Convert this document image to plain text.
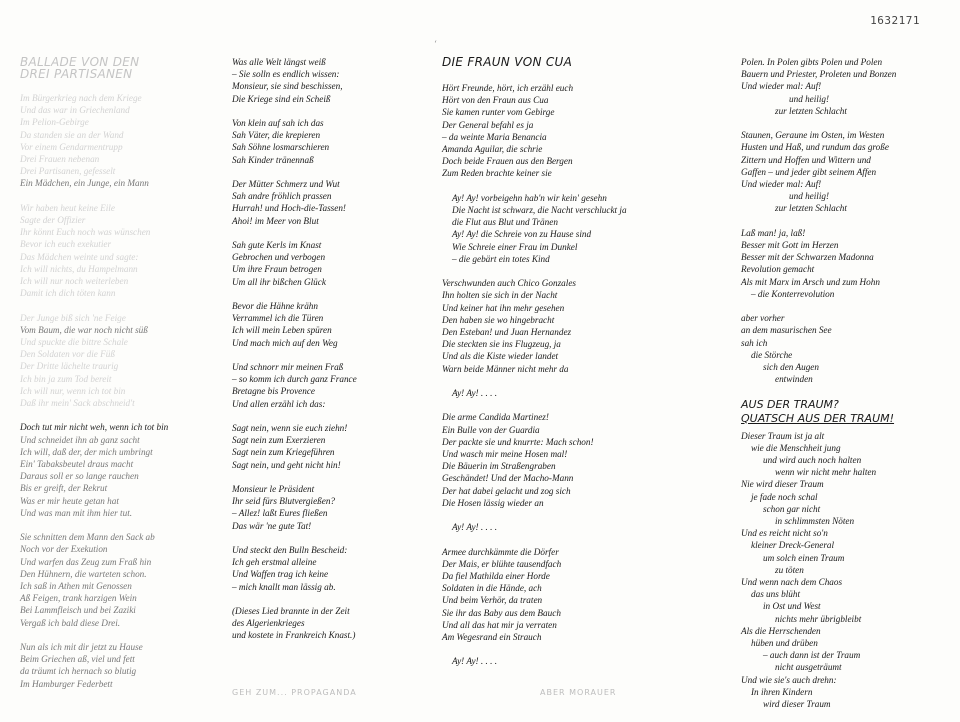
1632171
‘
BALLADE VON DEN
DREI PARTISANEN
Im Bürgerkrieg nach dem Kriege
Und das war in Griechenland
Im Pelion-Gebirge
Da standen sie an der Wand
Vor einem Gendarmentrupp
Drei Frauen nebenan
Drei Partisanen, gefesselt
Ein Mädchen, ein Junge, ein Mann
Wir haben heut keine Eile
Sagte der Offizier
Ihr könnt Euch noch was wünschen
Bevor ich euch exekutier
Das Mädchen weinte und sagte:
Ich will nichts, du Hampelmann
Ich will nur noch weiterleben
Damit ich dich töten kann
Der Junge biß sich 'ne Feige
Vom Baum, die war noch nicht süß
Und spuckte die bittre Schale
Den Soldaten vor die Füß
Der Dritte lächelte traurig
Ich bin ja zum Tod bereit
Ich will nur, wenn ich tot bin
Daß ihr mein' Sack abschneid't
Doch tut mir nicht weh, wenn ich tot bin
Und schneidet ihn ab ganz sacht
Ich will, daß der, der mich umbringt
Ein' Tabaksbeutel draus macht
Daraus soll er so lange rauchen
Bis er greift, der Rekrut
Was er mir heute getan hat
Und was man mit ihm hier tut.
Sie schnitten dem Mann den Sack ab
Noch vor der Exekution
Und warfen das Zeug zum Fraß hin
Den Hühnern, die warteten schon.
Ich saß in Athen mit Genossen
Aß Feigen, trank harzigen Wein
Bei Lammfleisch und bei Zaziki
Vergaß ich bald diese Drei.
Nun als ich mit dir jetzt zu Hause
Beim Griechen aß, viel und fett
da träumt ich hernach so blutig
Im Hamburger Federbett
Was alle Welt längst weiß
– Sie solln es endlich wissen:
Monsieur, sie sind beschissen,
Die Kriege sind ein Scheiß
Von klein auf sah ich das
Sah Väter, die krepieren
Sah Söhne losmarschieren
Sah Kinder tränennaß
Der Mütter Schmerz und Wut
Sah andre fröhlich prassen
Hurrah! und Hoch-die-Tassen!
Ahoi! im Meer von Blut
Sah gute Kerls im Knast
Gebrochen und verbogen
Um ihre Fraun betrogen
Um all ihr bißchen Glück
Bevor die Hähne krähn
Verrammel ich die Türen
Ich will mein Leben spüren
Und mach mich auf den Weg
Und schnorr mir meinen Fraß
– so komm ich durch ganz France
Bretagne bis Provence
Und allen erzähl ich das:
Sagt nein, wenn sie euch ziehn!
Sagt nein zum Exerzieren
Sagt nein zum Kriegeführen
Sagt nein, und geht nicht hin!
Monsieur le Präsident
Ihr seid fürs Blutvergießen?
– Allez! laßt Eures fließen
Das wär 'ne gute Tat!
Und steckt den Bulln Bescheid:
Ich geh erstmal alleine
Und Waffen trag ich keine
– mich knallt man lässig ab.
(Dieses Lied brannte in der Zeit
des Algerienkrieges
und kostete in Frankreich Knast.)
DIE FRAUN VON CUA
Hört Freunde, hört, ich erzähl euch
Hört von den Fraun aus Cua
Sie kamen runter vom Gebirge
Der General befahl es ja
– da weinte Maria Benancia
Amanda Aguilar, die schrie
Doch beide Frauen aus den Bergen
Zum Reden brachte keiner sie
Ay! Ay! vorbeigehn hab'n wir kein' gesehn
Die Nacht ist schwarz, die Nacht verschluckt ja
die Flut aus Blut und Tränen
Ay! Ay! die Schreie von zu Hause sind
Wie Schreie einer Frau im Dunkel
– die gebärt ein totes Kind
Verschwunden auch Chico Gonzales
Ihn holten sie sich in der Nacht
Und keiner hat ihn mehr gesehen
Den haben sie wo hingebracht
Den Esteban! und Juan Hernandez
Die steckten sie ins Flugzeug, ja
Und als die Kiste wieder landet
Warn beide Männer nicht mehr da
Ay! Ay! . . . .
Die arme Candida Martinez!
Ein Bulle von der Guardia
Der packte sie und knurrte: Mach schon!
Und wasch mir meine Hosen mal!
Die Bäuerin im Straßengraben
Geschändet! Und der Macho-Mann
Der hat dabei gelacht und zog sich
Die Hosen lässig wieder an
Ay! Ay! . . . .
Armee durchkämmte die Dörfer
Der Mais, er blühte tausendfach
Da fiel Mathilda einer Horde
Soldaten in die Hände, ach
Und beim Verhör, da traten
Sie ihr das Baby aus dem Bauch
Und all das hat mir ja verraten
Am Wegesrand ein Strauch
Ay! Ay! . . . .
Polen. In Polen gibts Polen und Polen
Bauern und Priester, Proleten und Bonzen
Und wieder mal: Auf!
und heilig!
zur letzten Schlacht
Staunen, Geraune im Osten, im Westen
Husten und Haß, und rundum das große
Zittern und Hoffen und Wittern und
Gaffen – und jeder gibt seinem Affen
Und wieder mal: Auf!
und heilig!
zur letzten Schlacht
Laß man! ja, laß!
Besser mit Gott im Herzen
Besser mit der Schwarzen Madonna
Revolution gemacht
Als mit Marx im Arsch und zum Hohn
– die Konterrevolution
aber vorher
an dem masurischen See
sah ich
die Störche
sich den Augen
entwinden
AUS DER TRAUM?
QUATSCH AUS DER TRAUM!
Dieser Traum ist ja alt
wie die Menschheit jung
und wird auch noch halten
wenn wir nicht mehr halten
Nie wird dieser Traum
je fade noch schal
schon gar nicht
in schlimmsten Nöten
Und es reicht nicht so'n
kleiner Dreck-General
um solch einen Traum
zu töten
Und wenn nach dem Chaos
das uns blüht
in Ost und West
nichts mehr übrigbleibt
Als die Herrschenden
hüben und drüben
– auch dann ist der Traum
nicht ausgeträumt
Und wie sie's auch drehn:
In ihren Kindern
wird dieser Traum
GEH ZUM... PROPAGANDA	ABER MORAUER
